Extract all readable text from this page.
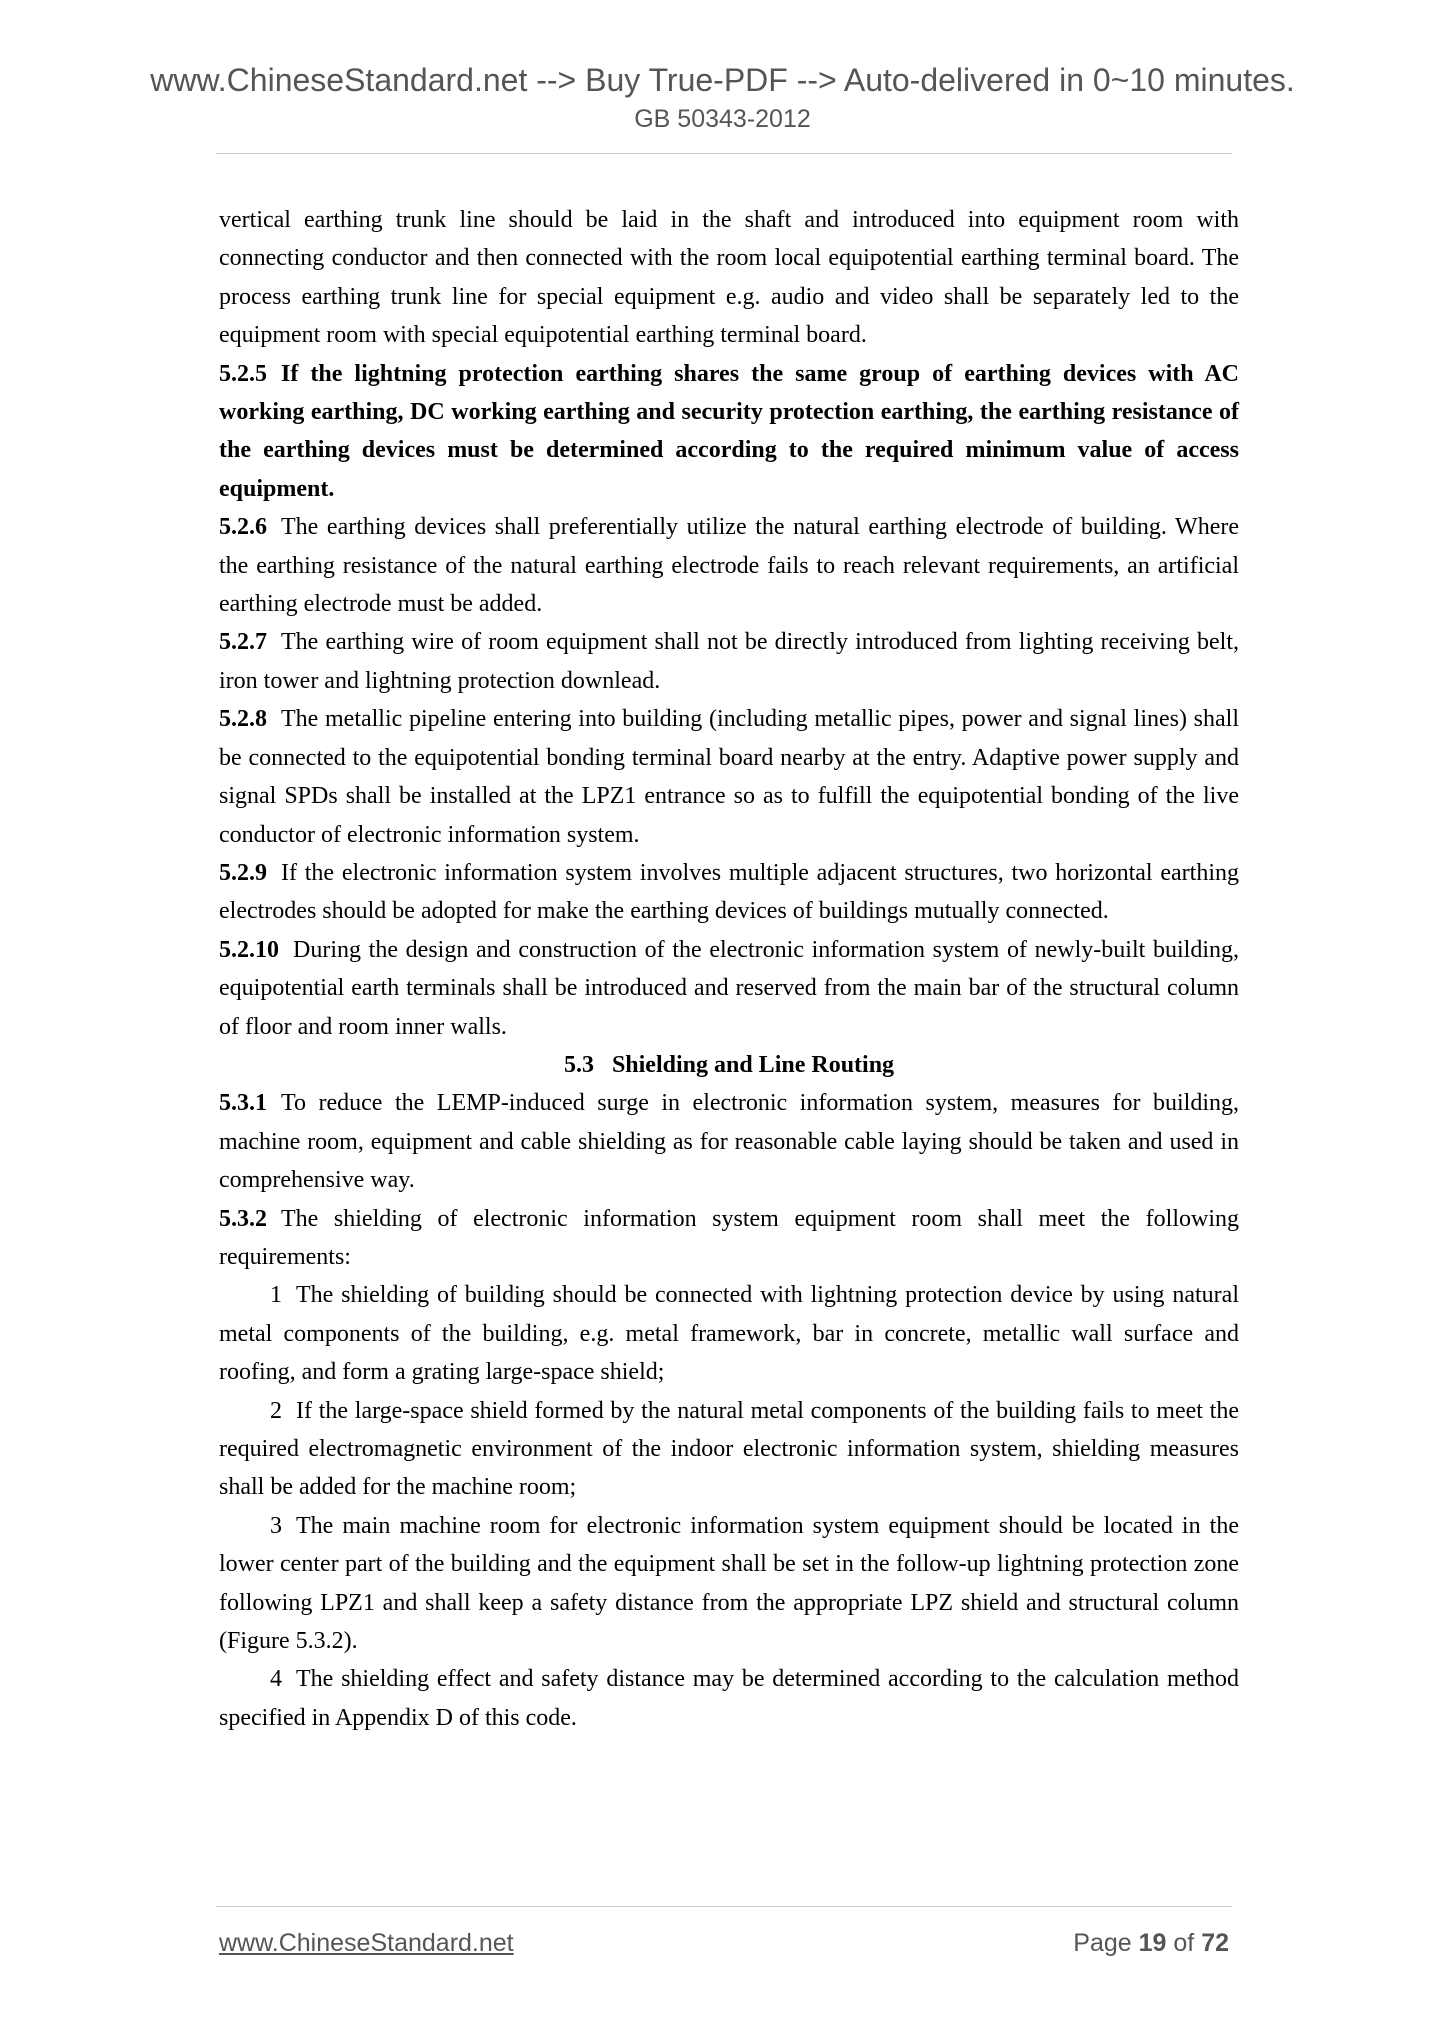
www.ChineseStandard.net --> Buy True-PDF --> Auto-delivered in 0~10 minutes.
GB 50343-2012

vertical earthing trunk line should be laid in the shaft and introduced into equipment room with connecting conductor and then connected with the room local equipotential earthing terminal board. The process earthing trunk line for special equipment e.g. audio and video shall be separately led to the equipment room with special equipotential earthing terminal board.

5.2.5 If the lightning protection earthing shares the same group of earthing devices with AC working earthing, DC working earthing and security protection earthing, the earthing resistance of the earthing devices must be determined according to the required minimum value of access equipment.

5.2.6 The earthing devices shall preferentially utilize the natural earthing electrode of building. Where the earthing resistance of the natural earthing electrode fails to reach relevant requirements, an artificial earthing electrode must be added.

5.2.7 The earthing wire of room equipment shall not be directly introduced from lighting receiving belt, iron tower and lightning protection downlead.

5.2.8 The metallic pipeline entering into building (including metallic pipes, power and signal lines) shall be connected to the equipotential bonding terminal board nearby at the entry. Adaptive power supply and signal SPDs shall be installed at the LPZ1 entrance so as to fulfill the equipotential bonding of the live conductor of electronic information system.

5.2.9 If the electronic information system involves multiple adjacent structures, two horizontal earthing electrodes should be adopted for make the earthing devices of buildings mutually connected.

5.2.10 During the design and construction of the electronic information system of newly-built building, equipotential earth terminals shall be introduced and reserved from the main bar of the structural column of floor and room inner walls.

5.3 Shielding and Line Routing

5.3.1 To reduce the LEMP-induced surge in electronic information system, measures for building, machine room, equipment and cable shielding as for reasonable cable laying should be taken and used in comprehensive way.

5.3.2 The shielding of electronic information system equipment room shall meet the following requirements:

1 The shielding of building should be connected with lightning protection device by using natural metal components of the building, e.g. metal framework, bar in concrete, metallic wall surface and roofing, and form a grating large-space shield;

2 If the large-space shield formed by the natural metal components of the building fails to meet the required electromagnetic environment of the indoor electronic information system, shielding measures shall be added for the machine room;

3 The main machine room for electronic information system equipment should be located in the lower center part of the building and the equipment shall be set in the follow-up lightning protection zone following LPZ1 and shall keep a safety distance from the appropriate LPZ shield and structural column (Figure 5.3.2).

4 The shielding effect and safety distance may be determined according to the calculation method specified in Appendix D of this code.

www.ChineseStandard.net	Page 19 of 72
